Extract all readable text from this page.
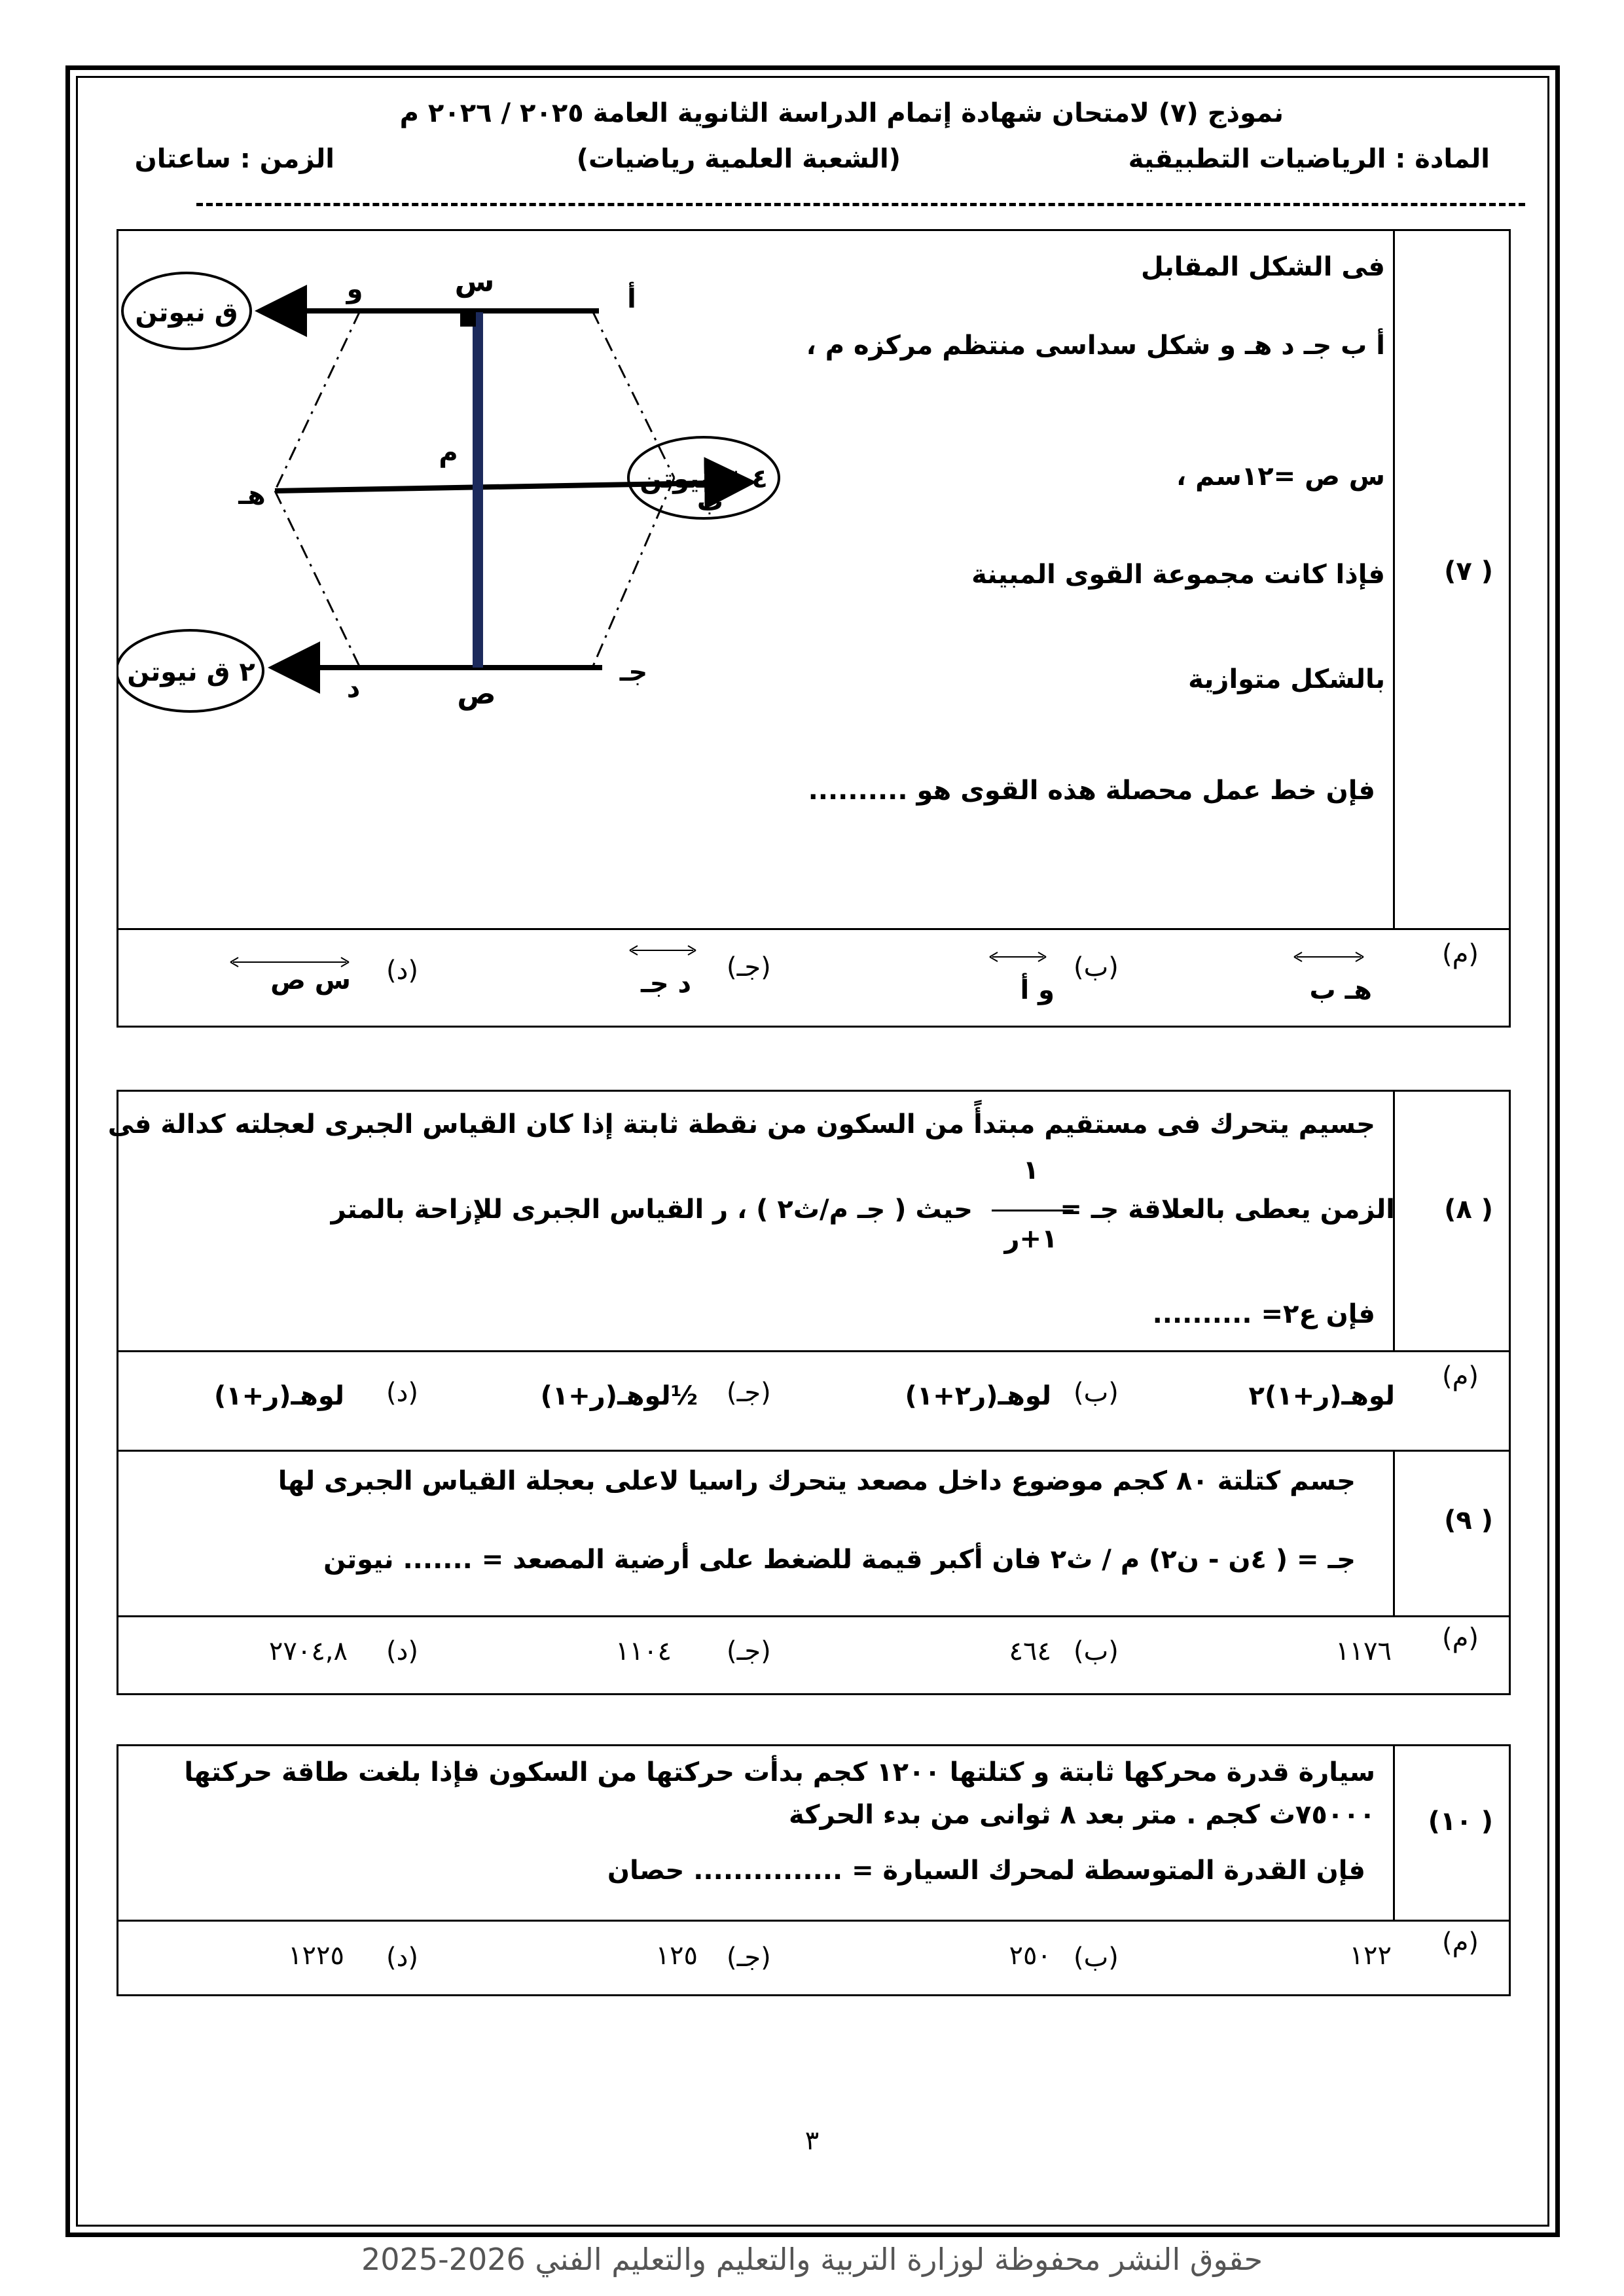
نموذج (٧) لامتحان شهادة إتمام الدراسة الثانوية العامة ٢٠٢٥ / ٢٠٢٦ م
المادة : الرياضيات التطبيقية
(الشعبة العلمية رياضيات)
الزمن : ساعتان
( ٧)
فى الشكل المقابل
أ ب جـ د هـ و شكل سداسى منتظم مركزه م ،
س ص =١٢سم ،
فإذا كانت مجموعة القوى المبينة
بالشكل متوازية
فإن خط عمل محصلة هذه القوى هو ..........
ق نيوتن
٤ ق نيوتن
٢ ق نيوتن
أ
ب
جـ
د
هـ
و	س
م
ص
(م)
هـ ب
(ب)
و أ
(جـ)
د جـ
(د)
س ص
( ٨)
جسيم يتحرك فى مستقيم مبتدأً من السكون من نقطة ثابتة إذا كان القياس الجبرى لعجلته كدالة فى
الزمن يعطى بالعلاقة جـ =
١
١+ر
حيث ( جـ م/ث٢ ) ، ر القياس الجبرى للإزاحة بالمتر
فإن ع٢= ..........
(م)
لوهـ(ر+١)٢
(ب)
لوهـ(ر٢+١)
(جـ)
½لوهـ(ر+١)
(د)
لوهـ(ر+١)
( ٩)
جسم كتلتة ٨٠ كجم موضوع داخل مصعد يتحرك راسيا لاعلى بعجلة القياس الجبرى لها
جـ = ( ٤ن - ن٢) م / ث٢ فان أكبر قيمة للضغط على أرضية المصعد = ....... نيوتن
(م)
١١٧٦
(ب)
٤٦٤
(جـ)
١١٠٤
(د)
٢٧٠٤,٨
( ١٠)
سيارة قدرة محركها ثابتة و كتلتها ١٢٠٠ كجم بدأت حركتها من السكون فإذا بلغت طاقة حركتها
٧٥٠٠٠ث كجم . متر بعد ٨ ثوانى من بدء الحركة
فإن القدرة المتوسطة لمحرك السيارة = ............... حصان
(م)
١٢٢
(ب)
٢٥٠
(جـ)
١٢٥
(د)
١٢٢٥
٣
حقوق النشر محفوظة لوزارة التربية والتعليم والتعليم الفني 2026-2025
